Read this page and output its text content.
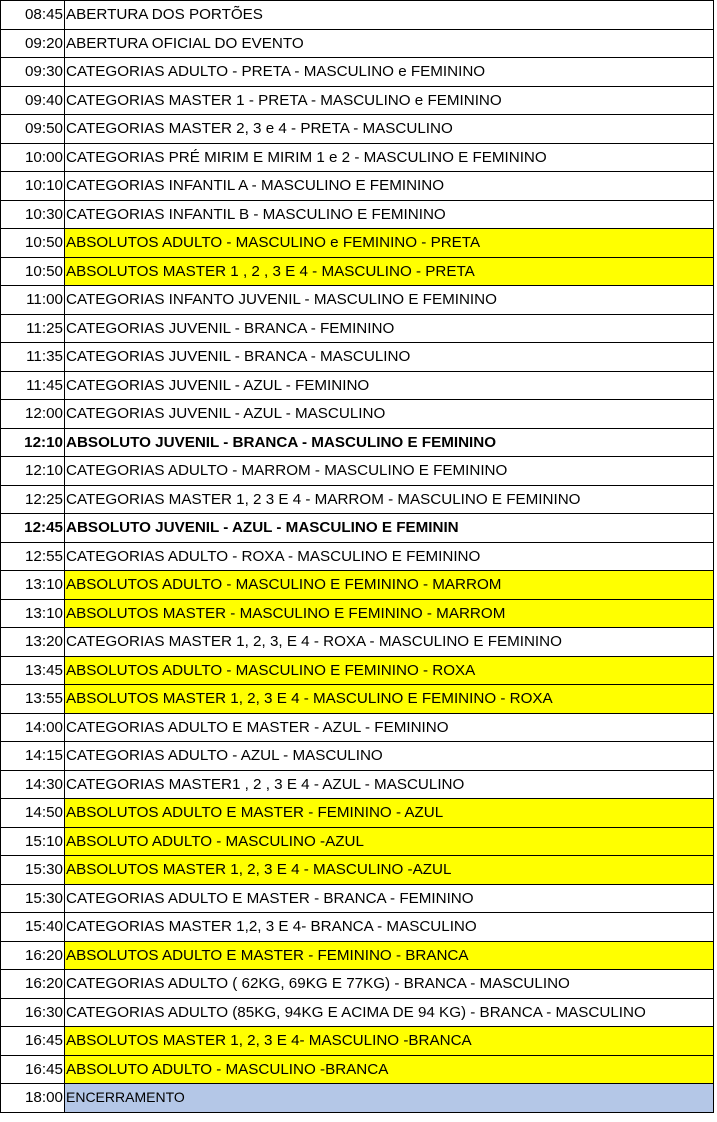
08:45	ABERTURA DOS PORTÕES
09:20	ABERTURA OFICIAL DO EVENTO
09:30	CATEGORIAS ADULTO - PRETA - MASCULINO e FEMININO
09:40	CATEGORIAS MASTER 1 - PRETA - MASCULINO e FEMININO
09:50	CATEGORIAS MASTER 2, 3 e 4 - PRETA - MASCULINO
10:00	CATEGORIAS PRÉ MIRIM E MIRIM 1 e 2 - MASCULINO E FEMININO
10:10	CATEGORIAS INFANTIL A - MASCULINO E FEMININO
10:30	CATEGORIAS INFANTIL B - MASCULINO E FEMININO
10:50	ABSOLUTOS ADULTO - MASCULINO e FEMININO - PRETA
10:50	ABSOLUTOS MASTER 1 , 2 , 3 E 4 - MASCULINO - PRETA
11:00	CATEGORIAS INFANTO JUVENIL - MASCULINO E FEMININO
11:25	CATEGORIAS JUVENIL - BRANCA - FEMININO
11:35	CATEGORIAS JUVENIL - BRANCA - MASCULINO
11:45	CATEGORIAS JUVENIL - AZUL - FEMININO
12:00	CATEGORIAS JUVENIL - AZUL - MASCULINO
12:10	ABSOLUTO JUVENIL - BRANCA - MASCULINO E FEMININO
12:10	CATEGORIAS ADULTO - MARROM - MASCULINO E FEMININO
12:25	CATEGORIAS MASTER 1, 2 3 E 4 - MARROM - MASCULINO E FEMININO
12:45	ABSOLUTO JUVENIL - AZUL - MASCULINO E FEMININ
12:55	CATEGORIAS ADULTO - ROXA - MASCULINO E FEMININO
13:10	ABSOLUTOS ADULTO - MASCULINO E FEMININO - MARROM
13:10	ABSOLUTOS MASTER - MASCULINO E FEMININO - MARROM
13:20	CATEGORIAS MASTER 1, 2, 3, E 4 - ROXA - MASCULINO E FEMININO
13:45	ABSOLUTOS ADULTO - MASCULINO E FEMININO - ROXA
13:55	ABSOLUTOS MASTER 1, 2, 3 E 4 - MASCULINO E FEMININO - ROXA
14:00	CATEGORIAS ADULTO E MASTER - AZUL - FEMININO
14:15	CATEGORIAS ADULTO - AZUL - MASCULINO
14:30	CATEGORIAS MASTER1 , 2 , 3 E 4 - AZUL - MASCULINO
14:50	ABSOLUTOS ADULTO E MASTER - FEMININO - AZUL
15:10	ABSOLUTO ADULTO - MASCULINO -AZUL
15:30	ABSOLUTOS MASTER 1, 2, 3 E 4 - MASCULINO -AZUL
15:30	CATEGORIAS ADULTO E MASTER - BRANCA - FEMININO
15:40	CATEGORIAS MASTER 1,2, 3 E 4- BRANCA - MASCULINO
16:20	ABSOLUTOS ADULTO E MASTER - FEMININO - BRANCA
16:20	CATEGORIAS ADULTO ( 62KG, 69KG E 77KG) - BRANCA - MASCULINO
16:30	CATEGORIAS ADULTO (85KG, 94KG E ACIMA DE 94 KG) - BRANCA - MASCULINO
16:45	ABSOLUTOS MASTER 1, 2, 3 E 4- MASCULINO -BRANCA
16:45	ABSOLUTO ADULTO - MASCULINO -BRANCA
18:00	ENCERRAMENTO
